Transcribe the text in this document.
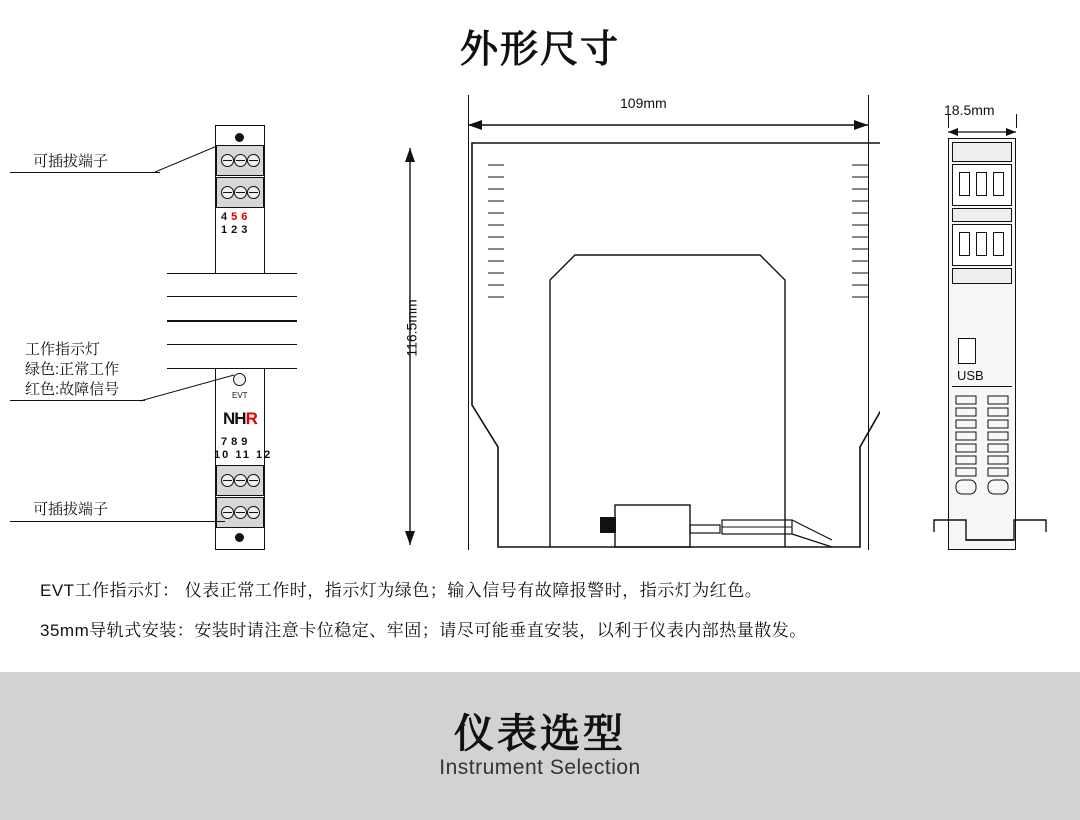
外形尺寸
456
123
EVT
NHR
789
10 11 12
可插拔端子
工作指示灯
绿色:正常工作
红色:故障信号
可插拔端子
109mm
116.5mm
18.5mm
USB
EVT工作指示灯： 仪表正常工作时，指示灯为绿色；输入信号有故障报警时，指示灯为红色。
35mm导轨式安装：安装时请注意卡位稳定、牢固；请尽可能垂直安装，以利于仪表内部热量散发。
仪表选型
Instrument Selection
